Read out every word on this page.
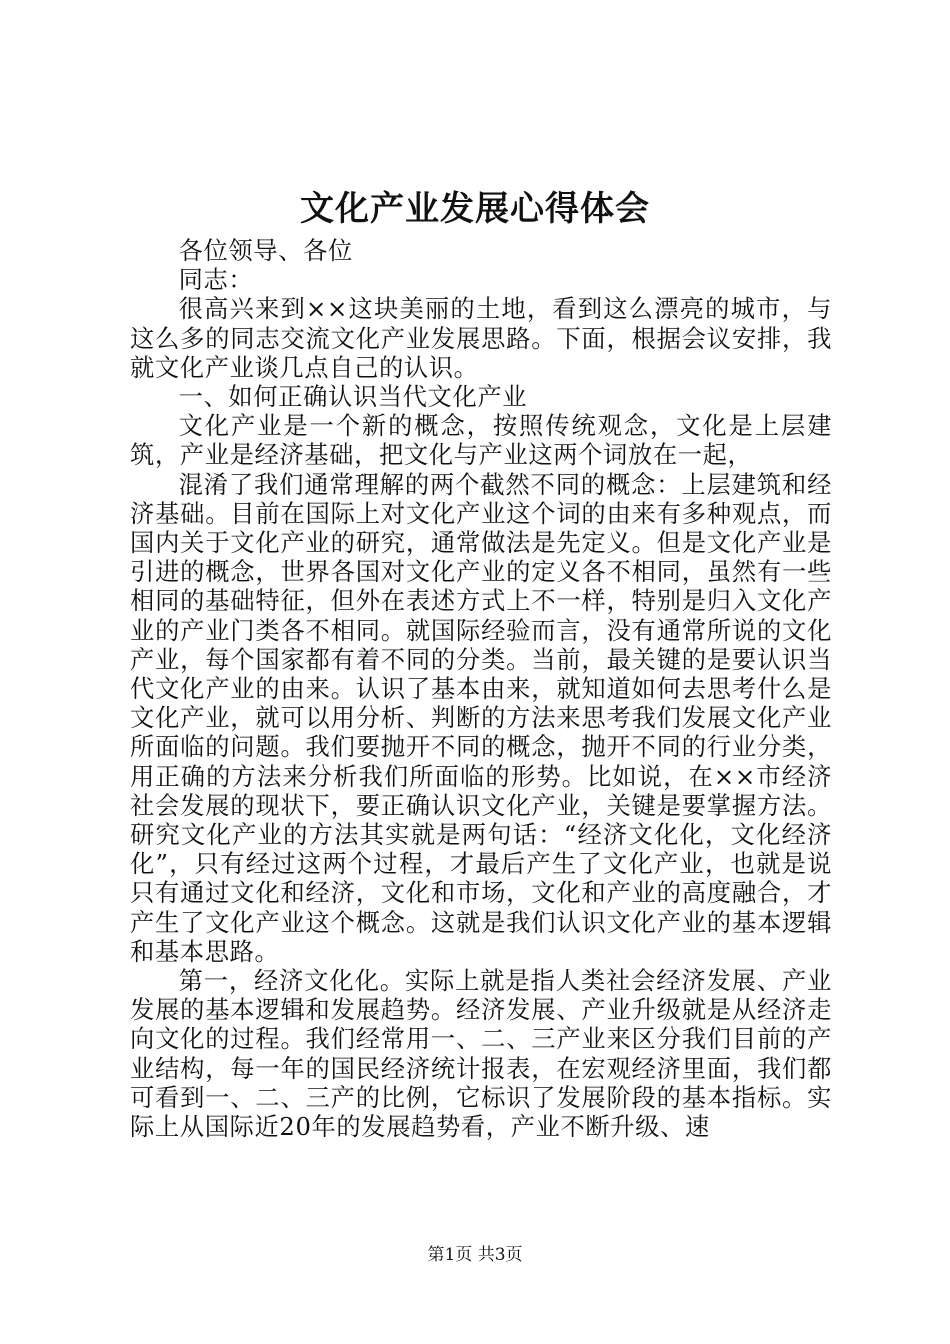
文化产业发展心得体会

各位领导、各位

同志：

很高兴来到××这块美丽的土地，看到这么漂亮的城市，与这么多的同志交流文化产业发展思路。下面，根据会议安排，我就文化产业谈几点自己的认识。

一、如何正确认识当代文化产业

文化产业是一个新的概念，按照传统观念，文化是上层建筑，产业是经济基础，把文化与产业这两个词放在一起，

混淆了我们通常理解的两个截然不同的概念：上层建筑和经济基础。目前在国际上对文化产业这个词的由来有多种观点，而国内关于文化产业的研究，通常做法是先定义。但是文化产业是引进的概念，世界各国对文化产业的定义各不相同，虽然有一些相同的基础特征，但外在表述方式上不一样，特别是归入文化产业的产业门类各不相同。就国际经验而言，没有通常所说的文化产业，每个国家都有着不同的分类。当前，最关键的是要认识当代文化产业的由来。认识了基本由来，就知道如何去思考什么是文化产业，就可以用分析、判断的方法来思考我们发展文化产业所面临的问题。我们要抛开不同的概念，抛开不同的行业分类，用正确的方法来分析我们所面临的形势。比如说，在××市经济社会发展的现状下，要正确认识文化产业，关键是要掌握方法。研究文化产业的方法其实就是两句话：“经济文化化，文化经济化”，只有经过这两个过程，才最后产生了文化产业，也就是说只有通过文化和经济，文化和市场，文化和产业的高度融合，才产生了文化产业这个概念。这就是我们认识文化产业的基本逻辑和基本思路。

第一，经济文化化。实际上就是指人类社会经济发展、产业发展的基本逻辑和发展趋势。经济发展、产业升级就是从经济走向文化的过程。我们经常用一、二、三产业来区分我们目前的产业结构，每一年的国民经济统计报表，在宏观经济里面，我们都可看到一、二、三产的比例，它标识了发展阶段的基本指标。实际上从国际近20年的发展趋势看，产业不断升级、速

第1页 共3页
